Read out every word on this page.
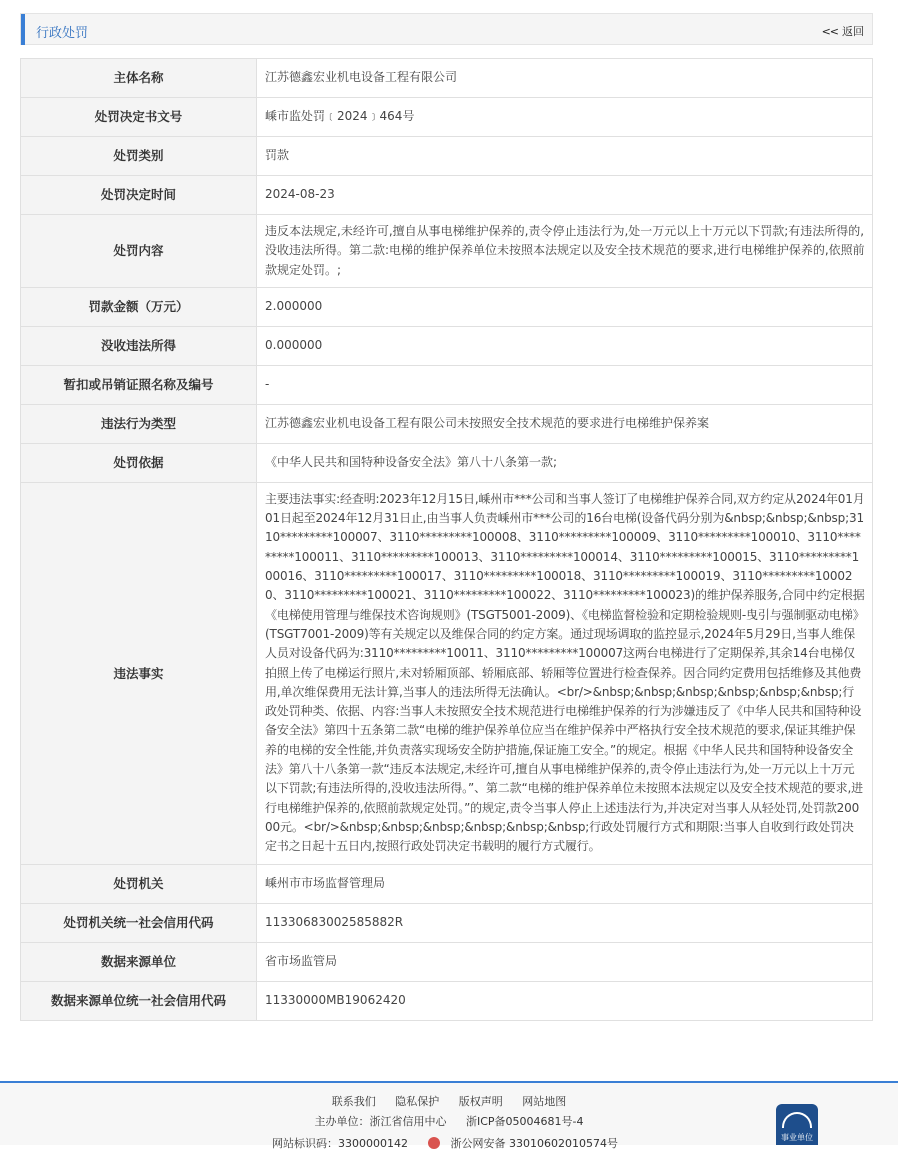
行政处罚	<< 返回
主体名称	江苏德鑫宏业机电设备工程有限公司
处罚决定书文号	嵊市监处罚﹝2024﹞464号
处罚类别	罚款
处罚决定时间	2024-08-23
处罚内容	违反本法规定,未经许可,擅自从事电梯维护保养的,责令停止违法行为,处一万元以上十万元以下罚款;有违法所得的,没收违法所得。第二款:电梯的维护保养单位未按照本法规定以及安全技术规范的要求,进行电梯维护保养的,依照前款规定处罚。;
罚款金额（万元）	2.000000
没收违法所得	0.000000
暂扣或吊销证照名称及编号	-
违法行为类型	江苏德鑫宏业机电设备工程有限公司未按照安全技术规范的要求进行电梯维护保养案
处罚依据	《中华人民共和国特种设备安全法》第八十八条第一款;
违法事实	主要违法事实:经查明:2023年12月15日,嵊州市***公司和当事人签订了电梯维护保养合同,双方约定从2024年01月01日起至2024年12月31日止,由当事人负责嵊州市***公司的16台电梯(设备代码分别为&nbsp;&nbsp;&nbsp;3110*********100007、3110*********100008、3110*********100009、3110*********100010、3110*********100011、3110*********100013、3110*********100014、3110*********100015、3110*********100016、3110*********100017、3110*********100018、3110*********100019、3110*********100020、3110*********100021、3110*********100022、3110*********100023)的维护保养服务,合同中约定根据《电梯使用管理与维保技术咨询规则》(TSGT5001-2009)、《电梯监督检验和定期检验规则-曳引与强制驱动电梯》(TSGT7001-2009)等有关规定以及维保合同的约定方案。通过现场调取的监控显示,2024年5月29日,当事人维保人员对设备代码为:3110*********10011、3110*********100007这两台电梯进行了定期保养,其余14台电梯仅拍照上传了电梯运行照片,未对轿厢顶部、轿厢底部、轿厢等位置进行检查保养。因合同约定费用包括维修及其他费用,单次维保费用无法计算,当事人的违法所得无法确认。<br/>&nbsp;&nbsp;&nbsp;&nbsp;&nbsp;&nbsp;行政处罚种类、依据、内容:当事人未按照安全技术规范进行电梯维护保养的行为涉嫌违反了《中华人民共和国特种设备安全法》第四十五条第二款“电梯的维护保养单位应当在维护保养中严格执行安全技术规范的要求,保证其维护保养的电梯的安全性能,并负责落实现场安全防护措施,保证施工安全。”的规定。根据《中华人民共和国特种设备安全法》第八十八条第一款“违反本法规定,未经许可,擅自从事电梯维护保养的,责令停止违法行为,处一万元以上十万元以下罚款;有违法所得的,没收违法所得。”、第二款“电梯的维护保养单位未按照本法规定以及安全技术规范的要求,进行电梯维护保养的,依照前款规定处罚。”的规定,责令当事人停止上述违法行为,并决定对当事人从轻处罚,处罚款20000元。<br/>&nbsp;&nbsp;&nbsp;&nbsp;&nbsp;&nbsp;行政处罚履行方式和期限:当事人自收到行政处罚决定书之日起十五日内,按照行政处罚决定书载明的履行方式履行。
处罚机关	嵊州市市场监督管理局
处罚机关统一社会信用代码	11330683002585882R
数据来源单位	省市场监管局
数据来源单位统一社会信用代码	11330000MB19062420
联系我们 隐私保护 版权声明 网站地图
主办单位：浙江省信用中心 浙ICP备05004681号-4
网站标识码：3300000142	浙公网安备 33010602010574号	事业单位
